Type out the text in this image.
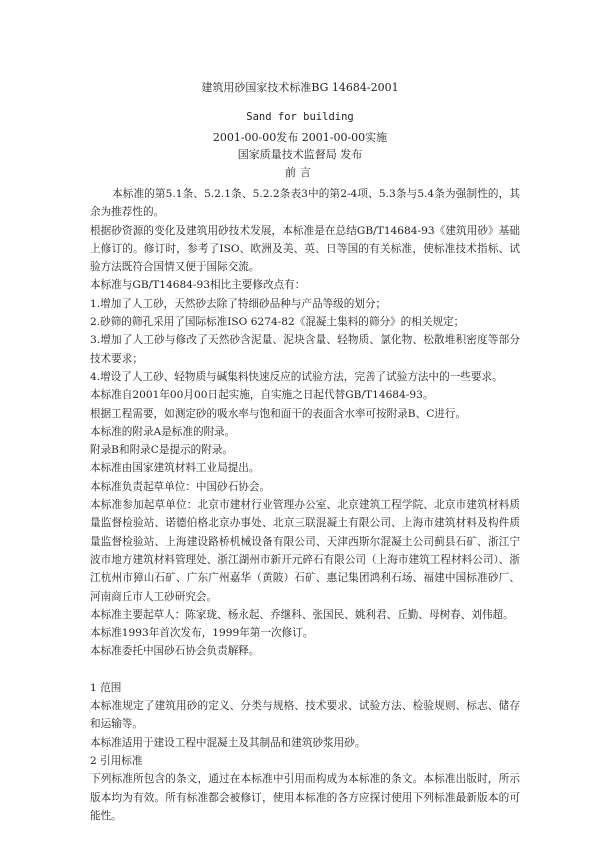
建筑用砂国家技术标准BG 14684-2001
Sand for building
2001-00-00发布 2001-00-00实施
国家质量技术监督局 发布
前言

本标准的第5.1条、5.2.1条、5.2.2条表3中的第2-4项、5.3条与5.4条为强制性的，其余为推荐性的。

根据砂资源的变化及建筑用砂技术发展，本标准是在总结GB/T14684-93《建筑用砂》基础上修订的。修订时，参考了ISO、欧洲及美、英、日等国的有关标准，使标准技术指标、试验方法既符合国情又便于国际交流。

本标准与GB/T14684-93相比主要修改点有：

1.增加了人工砂，天然砂去除了特细砂品种与产品等级的划分；

2.砂筛的筛孔采用了国际标准ISO 6274-82《混凝土集料的筛分》的相关规定；

3.增加了人工砂与修改了天然砂含泥量、泥块含量、轻物质、氯化物、松散堆积密度等部分技术要求；

4.增设了人工砂、轻物质与碱集料快速反应的试验方法，完善了试验方法中的一些要求。

本标准自2001年00月00日起实施，自实施之日起代替GB/T14684-93。

根据工程需要，如测定砂的吸水率与饱和面干的表面含水率可按附录B、C进行。

本标准的附录A是标准的附录。

附录B和附录C是提示的附录。

本标准由国家建筑材料工业局提出。

本标准负责起草单位：中国砂石协会。

本标准参加起草单位：北京市建材行业管理办公室、北京建筑工程学院、北京市建筑材料质量监督检验站、诺德伯格北京办事处、北京三联混凝土有限公司、上海市建筑材料及构件质量监督检验站、上海建设路桥机械设备有限公司、天津西斯尔混凝土公司蓟县石矿、浙江宁波市地方建筑材料管理处、浙江湖州市新开元碎石有限公司（上海市建筑工程材料公司）、浙江杭州市獐山石矿、广东广州嘉华（黄陂）石矿、惠记集团鸿利石场、福建中国标准砂厂、河南商丘市人工砂研究会。

本标准主要起草人：陈家珑、杨永起、乔继科、张国民、姚利君、丘勤、母树春、刘伟超。

本标准1993年首次发布，1999年第一次修订。

本标准委托中国砂石协会负责解释。

1 范围

本标准规定了建筑用砂的定义、分类与规格、技术要求、试验方法、检验规则、标志、储存和运输等。

本标准适用于建设工程中混凝土及其制品和建筑砂浆用砂。

2 引用标准

下列标准所包含的条文，通过在本标准中引用而构成为本标准的条文。本标准出版时，所示版本均为有效。所有标准都会被修订，使用本标准的各方应探讨使用下列标准最新版本的可能性。
